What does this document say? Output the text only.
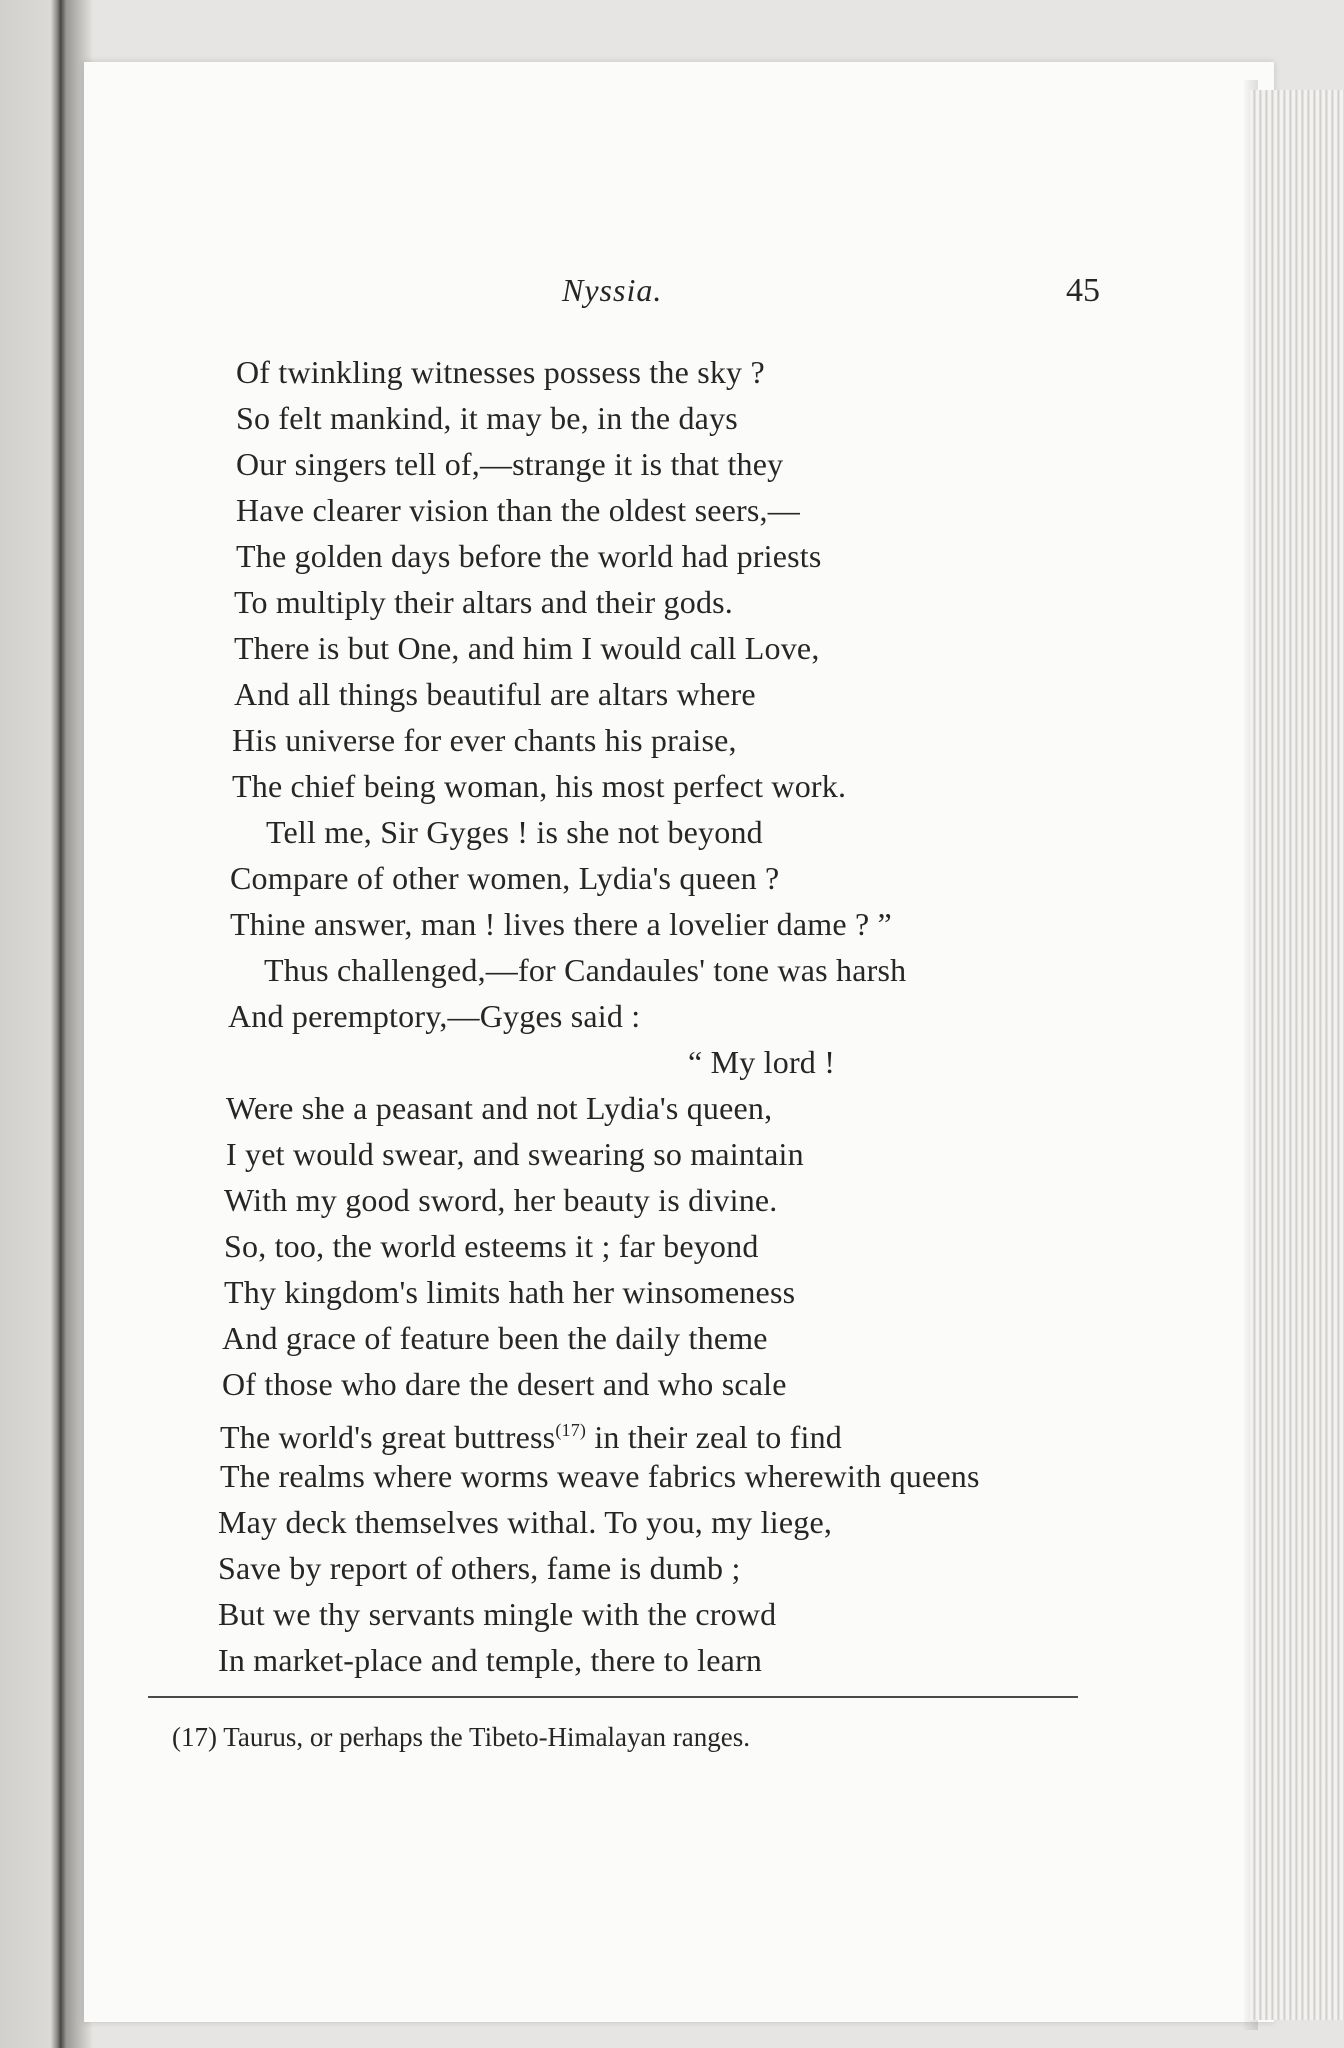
Nyssia.	45
Of twinkling witnesses possess the sky ?
So felt mankind, it may be, in the days
Our singers tell of,—strange it is that they
Have clearer vision than the oldest seers,—
The golden days before the world had priests
To multiply their altars and their gods.
There is but One, and him I would call Love,
And all things beautiful are altars where
His universe for ever chants his praise,
The chief being woman, his most perfect work.
Tell me, Sir Gyges ! is she not beyond
Compare of other women, Lydia's queen ?
Thine answer, man ! lives there a lovelier dame ? ”
Thus challenged,—for Candaules' tone was harsh
And peremptory,—Gyges said :
“ My lord !
Were she a peasant and not Lydia's queen,
I yet would swear, and swearing so maintain
With my good sword, her beauty is divine.
So, too, the world esteems it ; far beyond
Thy kingdom's limits hath her winsomeness
And grace of feature been the daily theme
Of those who dare the desert and who scale
The world's great buttress$^{(17)}$ in their zeal to find
The realms where worms weave fabrics wherewith queens
May deck themselves withal. To you, my liege,
Save by report of others, fame is dumb ;
But we thy servants mingle with the crowd
In market-place and temple, there to learn
(17) Taurus, or perhaps the Tibeto-Himalayan ranges.
